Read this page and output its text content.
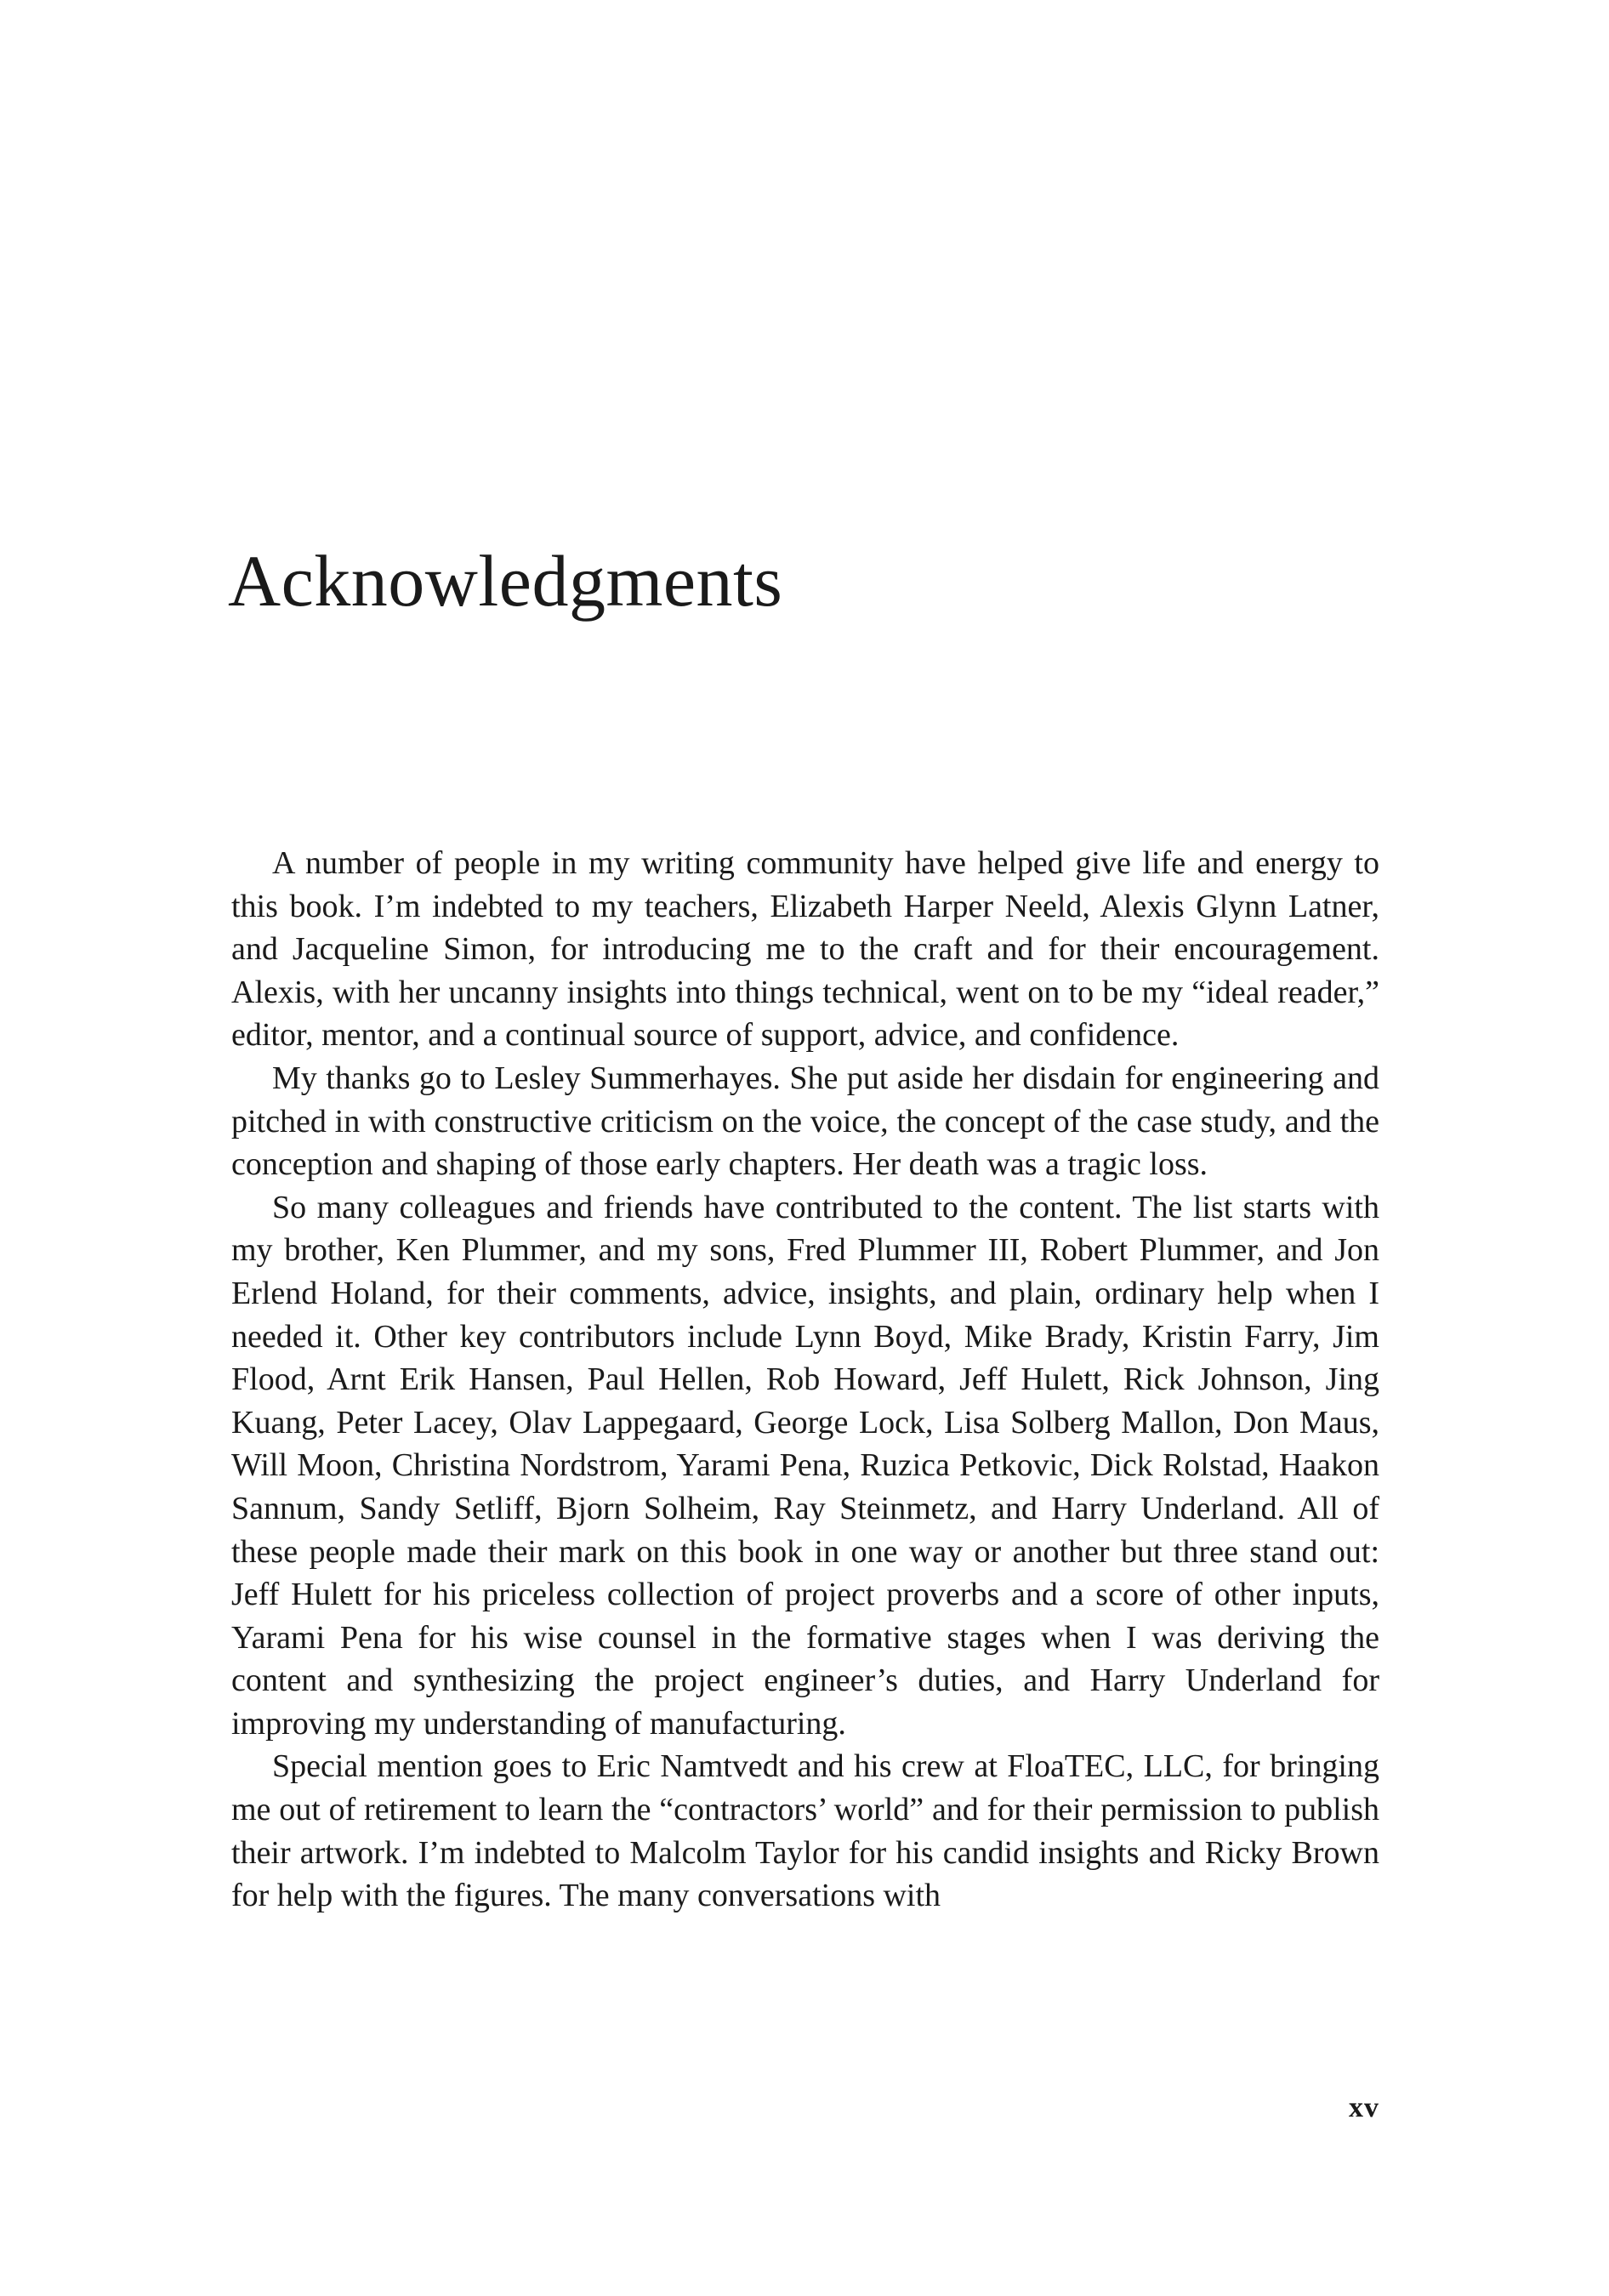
Acknowledgments

A number of people in my writing community have helped give life and energy to this book. I’m indebted to my teachers, Elizabeth Harper Neeld, Alexis Glynn Latner, and Jacqueline Simon, for introducing me to the craft and for their encouragement. Alexis, with her uncanny insights into things technical, went on to be my “ideal reader,” editor, mentor, and a continual source of support, advice, and confidence.

My thanks go to Lesley Summerhayes. She put aside her disdain for engineering and pitched in with constructive criticism on the voice, the concept of the case study, and the conception and shaping of those early chapters. Her death was a tragic loss.

So many colleagues and friends have contributed to the content. The list starts with my brother, Ken Plummer, and my sons, Fred Plummer III, Robert Plummer, and Jon Erlend Holand, for their comments, advice, insights, and plain, ordinary help when I needed it. Other key contributors include Lynn Boyd, Mike Brady, Kristin Farry, Jim Flood, Arnt Erik Hansen, Paul Hellen, Rob Howard, Jeff Hulett, Rick Johnson, Jing Kuang, Peter Lacey, Olav Lappegaard, George Lock, Lisa Solberg Mallon, Don Maus, Will Moon, Christina Nordstrom, Yarami Pena, Ruzica Petkovic, Dick Rolstad, Haakon Sannum, Sandy Setliff, Bjorn Solheim, Ray Steinmetz, and Harry Underland. All of these people made their mark on this book in one way or another but three stand out: Jeff Hulett for his priceless collection of project proverbs and a score of other inputs, Yarami Pena for his wise counsel in the formative stages when I was deriving the content and synthesizing the project engineer’s duties, and Harry Underland for improving my understanding of manufacturing.

Special mention goes to Eric Namtvedt and his crew at FloaTEC, LLC, for bringing me out of retirement to learn the “contractors’ world” and for their permission to publish their artwork. I’m indebted to Malcolm Taylor for his candid insights and Ricky Brown for help with the figures. The many conversations with

xv
